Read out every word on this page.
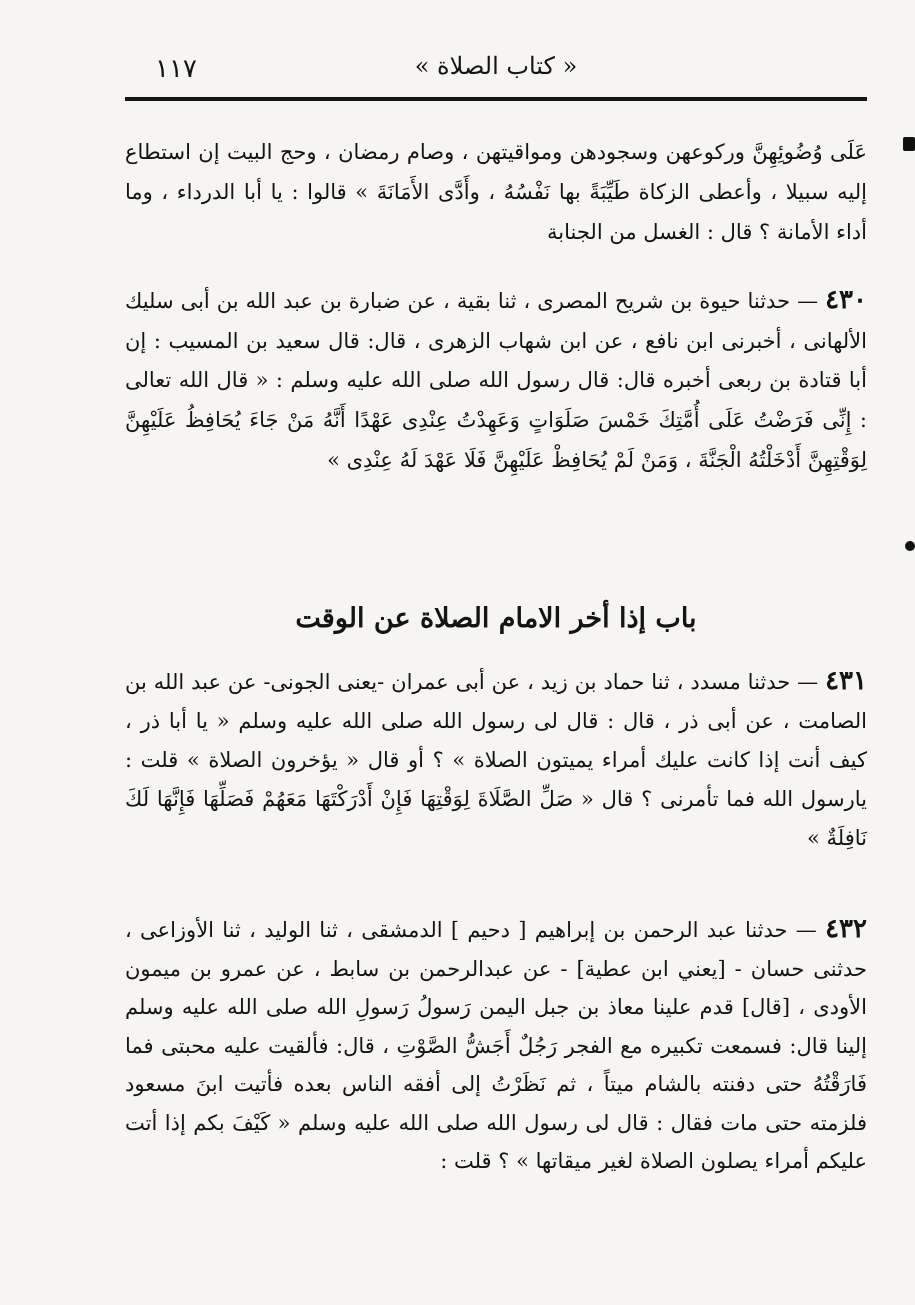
« كتاب الصلاة »
١١٧
عَلَى وُضُوئِهِنَّ وركوعهن وسجودهن ومواقيتهن ، وصام رمضان ، وحج البيت إن استطاع إليه سبيلا ، وأعطى الزكاة طَيِّبَةً بها نَفْسُهُ ، وأَدَّى الأَمَانَةَ » قالوا : يا أبا الدرداء ، وما أداء الأمانة ؟ قال : الغسل من الجنابة
٤٣٠ — حدثنا حيوة بن شريح المصرى ، ثنا بقية ، عن ضبارة بن عبد الله بن أبى سليك الألهانى ، أخبرنى ابن نافع ، عن ابن شهاب الزهرى ، قال: قال سعيد بن المسيب : إن أبا قتادة بن ربعى أخبره قال: قال رسول الله صلى الله عليه وسلم : « قال الله تعالى : إِنِّى فَرَضْتُ عَلَى أُمَّتِكَ خَمْسَ صَلَوَاتٍ وَعَهِدْتُ عِنْدِى عَهْدًا أَنَّهُ مَنْ جَاءَ يُحَافِظُ عَلَيْهِنَّ لِوَقْتِهِنَّ أَدْخَلْتُهُ الْجَنَّةَ ، وَمَنْ لَمْ يُحَافِظْ عَلَيْهِنَّ فَلَا عَهْدَ لَهُ عِنْدِى »
باب إذا أخر الامام الصلاة عن الوقت
٤٣١ — حدثنا مسدد ، ثنا حماد بن زيد ، عن أبى عمران -يعنى الجونى- عن عبد الله بن الصامت ، عن أبى ذر ، قال : قال لى رسول الله صلى الله عليه وسلم « يا أبا ذر ، كيف أنت إذا كانت عليك أمراء يميتون الصلاة » ؟ أو قال « يؤخرون الصلاة » قلت : يارسول الله فما تأمرنى ؟ قال « صَلِّ الصَّلَاةَ لِوَقْتِهَا فَإِنْ أَدْرَكْتَهَا مَعَهُمْ فَصَلِّهَا فَإِنَّهَا لَكَ نَافِلَةٌ »
٤٣٢ — حدثنا عبد الرحمن بن إبراهيم [ دحيم ] الدمشقى ، ثنا الوليد ، ثنا الأوزاعى ، حدثنى حسان - [يعني ابن عطية] - عن عبدالرحمن بن سابط ، عن عمرو بن ميمون الأودى ، [قال] قدم علينا معاذ بن جبل اليمن رَسولُ رَسولِ الله صلى الله عليه وسلم إلينا قال: فسمعت تكبيره مع الفجر رَجُلٌ أَجَشُّ الصَّوْتِ ، قال: فألقيت عليه محبتى فما فَارَقْتُهُ حتى دفنته بالشام ميتاً ، ثم نَظَرْتُ إلى أفقه الناس بعده فأتيت ابنَ مسعود فلزمته حتى مات فقال : قال لى رسول الله صلى الله عليه وسلم « كَيْفَ بكم إذا أتت عليكم أمراء يصلون الصلاة لغير ميقاتها » ؟ قلت :
